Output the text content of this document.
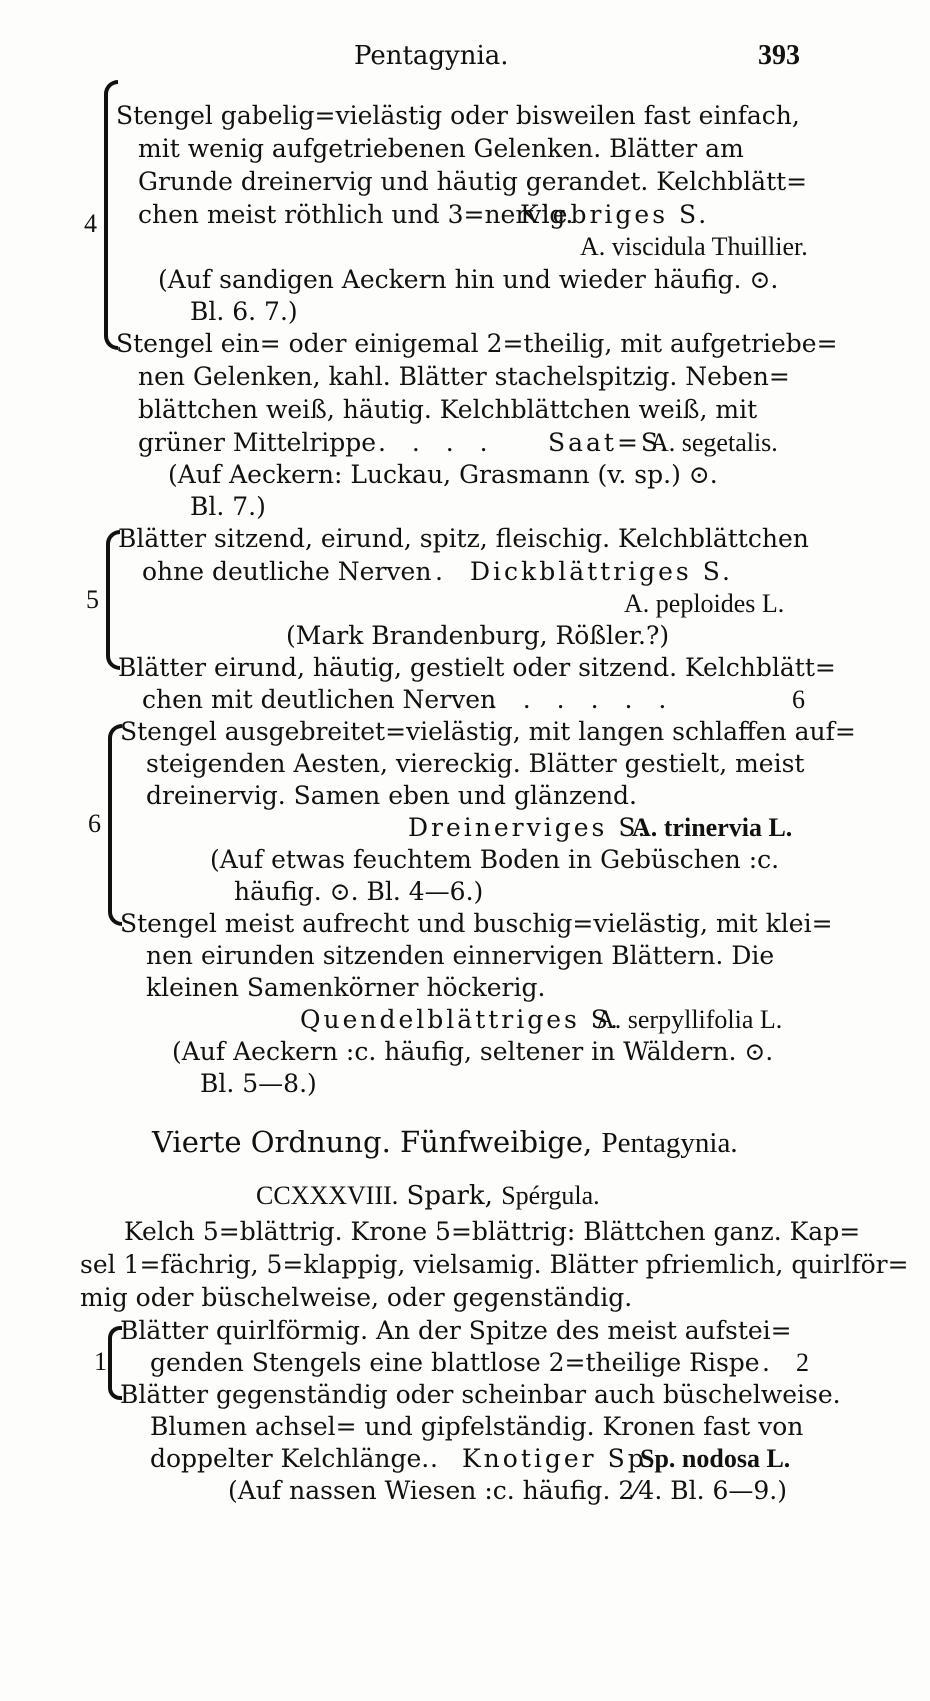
Pentagynia.	393
4
Stengel gabelig=vielästig oder bisweilen fast einfach,
mit wenig aufgetriebenen Gelenken. Blätter am
Grunde dreinervig und häutig gerandet. Kelchblätt=
chen meist röthlich und 3=nervig.
Klebriges S.
A. viscidula Thuillier.
(Auf sandigen Aeckern hin und wieder häufig. ⊙.
Bl. 6. 7.)
Stengel ein= oder einigemal 2=theilig, mit aufgetriebe=
nen Gelenken, kahl. Blätter stachelspitzig. Neben=
blättchen weiß, häutig. Kelchblättchen weiß, mit
grüner Mittelrippe . . . . Saat=S.
A. segetalis.
(Auf Aeckern: Luckau, Grasmann (v. sp.) ⊙.
Bl. 7.)
5
Blätter sitzend, eirund, spitz, fleischig. Kelchblättchen
ohne deutliche Nerven . Dickblättriges S.
A. peploides L.
(Mark Brandenburg, Rößler.?)
Blätter eirund, häutig, gestielt oder sitzend. Kelchblätt=
chen mit deutlichen Nerven
. . . . . . .	6
6
Stengel ausgebreitet=vielästig, mit langen schlaffen auf=
steigenden Aesten, viereckig. Blätter gestielt, meist
dreinervig. Samen eben und glänzend.
Dreinerviges S.
A. trinervia L.
(Auf etwas feuchtem Boden in Gebüschen :c.
häufig. ⊙. Bl. 4—6.)
Stengel meist aufrecht und buschig=vielästig, mit klei=
nen eirunden sitzenden einnervigen Blättern. Die
kleinen Samenkörner höckerig.
Quendelblättriges S.
A. serpyllifolia L.
(Auf Aeckern :c. häufig, seltener in Wäldern. ⊙.
Bl. 5—8.)
Vierte Ordnung. Fünfweibige, Pentagynia.
CCXXXVIII. Spark, Spérgula.
Kelch 5=blättrig. Krone 5=blättrig: Blättchen ganz. Kap=
sel 1=fächrig, 5=klappig, vielsamig. Blätter pfriemlich, quirlför=
mig oder büschelweise, oder gegenständig.
1
Blätter quirlförmig. An der Spitze des meist aufstei=
genden Stengels eine blattlose 2=theilige Rispe . 2
Blätter gegenständig oder scheinbar auch büschelweise.
Blumen achsel= und gipfelständig. Kronen fast von
doppelter Kelchlänge. . Knotiger Sp.
Sp. nodosa L.
(Auf nassen Wiesen :c. häufig. 2⁄4. Bl. 6—9.)
